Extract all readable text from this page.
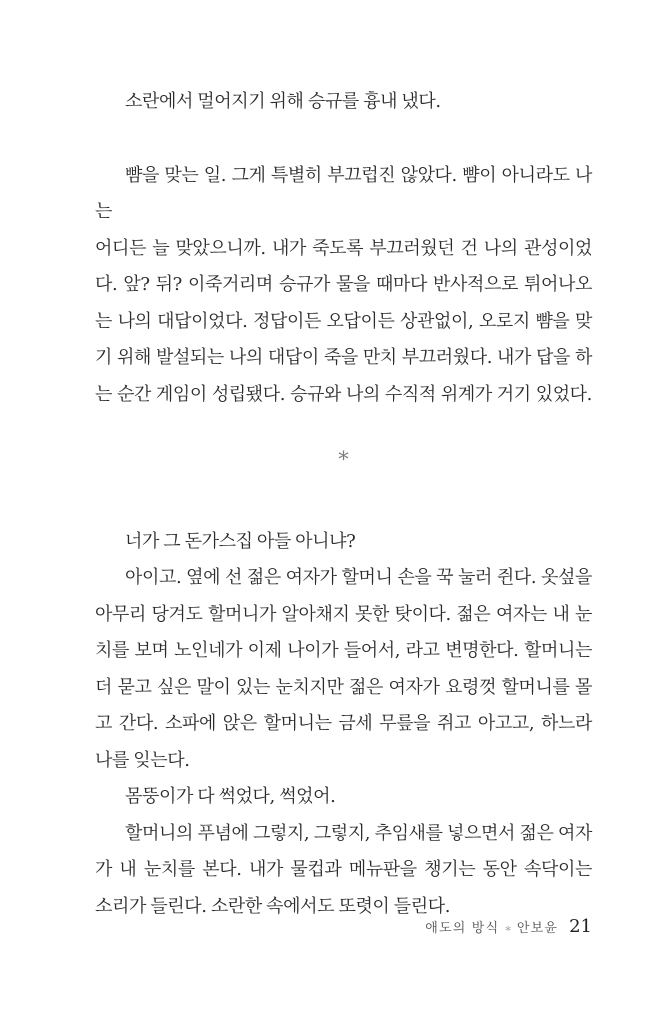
소란에서 멀어지기 위해 승규를 흉내 냈다.

뺨을 맞는 일. 그게 특별히 부끄럽진 않았다. 뺨이 아니라도 나는

어디든 늘 맞았으니까. 내가 죽도록 부끄러웠던 건 나의 관성이었

다. 앞? 뒤? 이죽거리며 승규가 물을 때마다 반사적으로 튀어나오

는 나의 대답이었다. 정답이든 오답이든 상관없이, 오로지 뺨을 맞

기 위해 발설되는 나의 대답이 죽을 만치 부끄러웠다. 내가 답을 하

는 순간 게임이 성립됐다. 승규와 나의 수직적 위계가 거기 있었다.

∗

너가 그 돈가스집 아들 아니냐?

아이고. 옆에 선 젊은 여자가 할머니 손을 꾹 눌러 쥔다. 옷섶을

아무리 당겨도 할머니가 알아채지 못한 탓이다. 젊은 여자는 내 눈

치를 보며 노인네가 이제 나이가 들어서, 라고 변명한다. 할머니는

더 묻고 싶은 말이 있는 눈치지만 젊은 여자가 요령껏 할머니를 몰

고 간다. 소파에 앉은 할머니는 금세 무릎을 쥐고 아고고, 하느라

나를 잊는다.

몸뚱이가 다 썩었다, 썩었어.

할머니의 푸념에 그렇지, 그렇지, 추임새를 넣으면서 젊은 여자

가 내 눈치를 본다. 내가 물컵과 메뉴판을 챙기는 동안 속닥이는

소리가 들린다. 소란한 속에서도 또렷이 들린다.

애도의 방식 ∗ 안보윤 21
